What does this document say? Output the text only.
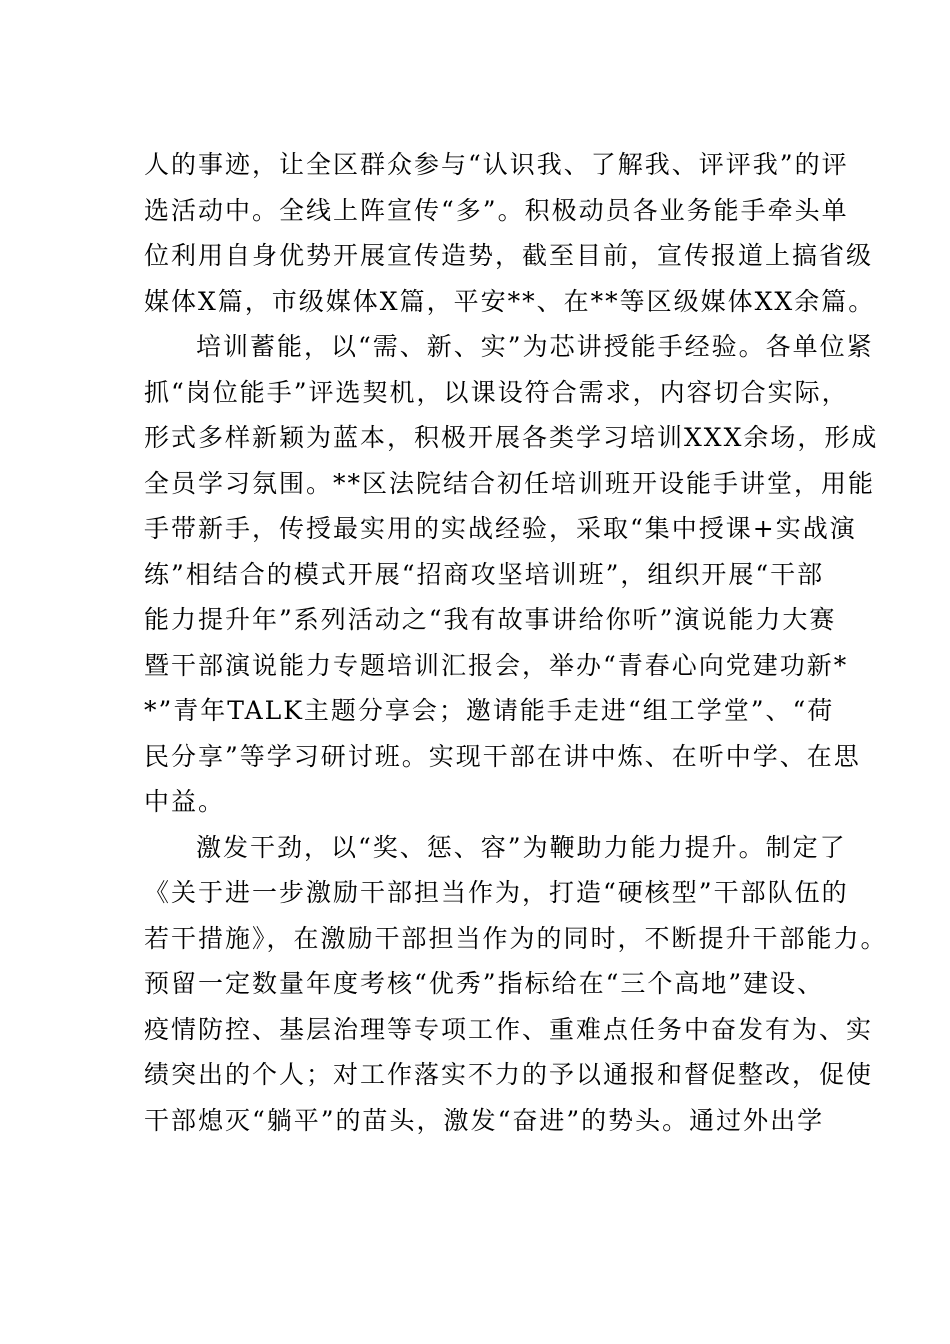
人的事迹，让全区群众参与“认识我、了解我、评评我”的评
选活动中。全线上阵宣传“多”。积极动员各业务能手牵头单
位利用自身优势开展宣传造势，截至目前，宣传报道上搞省级
媒体X篇，市级媒体X篇，平安**、在**等区级媒体XX余篇。
培训蓄能，以“需、新、实”为芯讲授能手经验。各单位紧
抓“岗位能手”评选契机，以课设符合需求，内容切合实际，
形式多样新颖为蓝本，积极开展各类学习培训XXX余场，形成
全员学习氛围。**区法院结合初任培训班开设能手讲堂，用能
手带新手，传授最实用的实战经验，采取“集中授课+实战演
练”相结合的模式开展“招商攻坚培训班”，组织开展“干部
能力提升年”系列活动之“我有故事讲给你听”演说能力大赛
暨干部演说能力专题培训汇报会，举办“青春心向党建功新*
*”青年TALK主题分享会；邀请能手走进“组工学堂”、“荷
民分享”等学习研讨班。实现干部在讲中炼、在听中学、在思
中益。
激发干劲，以“奖、惩、容”为鞭助力能力提升。制定了
《关于进一步激励干部担当作为，打造“硬核型”干部队伍的
若干措施》，在激励干部担当作为的同时，不断提升干部能力。
预留一定数量年度考核“优秀”指标给在“三个高地”建设、
疫情防控、基层治理等专项工作、重难点任务中奋发有为、实
绩突出的个人；对工作落实不力的予以通报和督促整改，促使
干部熄灭“躺平”的苗头，激发“奋进”的势头。通过外出学
